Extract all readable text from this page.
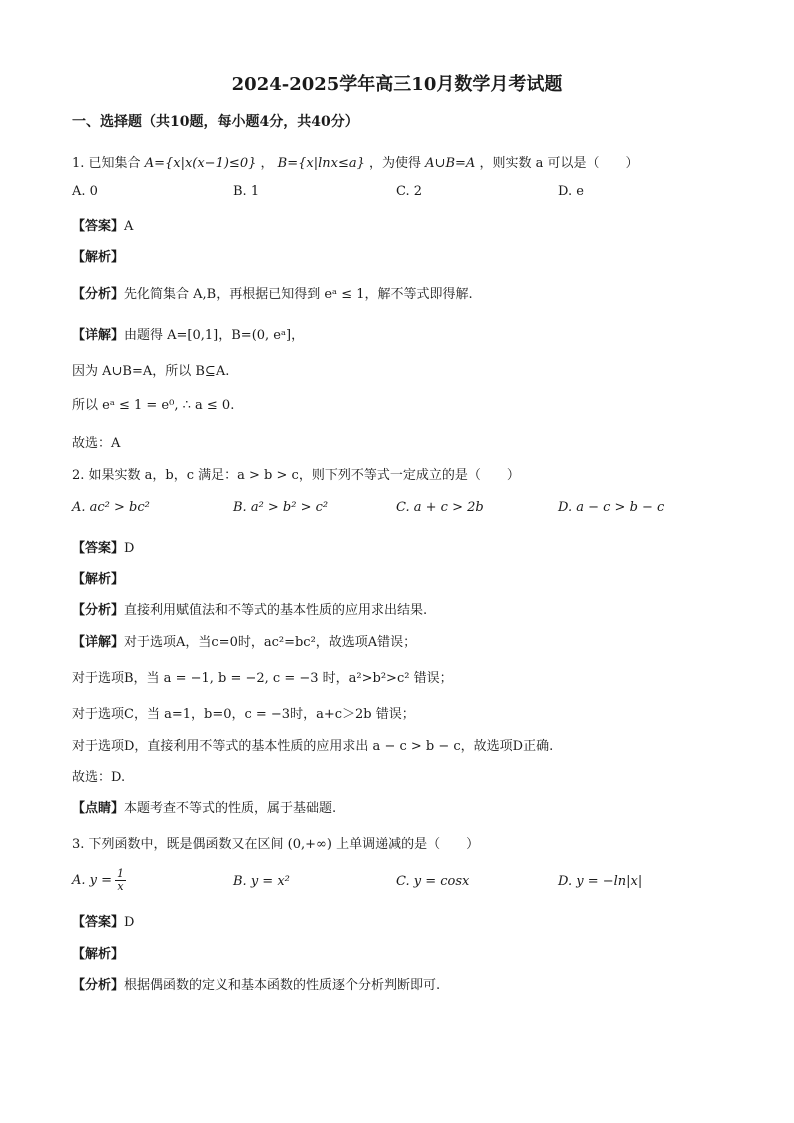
2024-2025学年高三10月数学月考试题
一、选择题（共10题，每小题4分，共40分）
1. 已知集合 A={x|x(x−1)≤0} ， B={x|lnx≤a} ，为使得 A∪B=A ，则实数 a 可以是（　　）
A. 0	B. 1	C. 2	D. e
【答案】A
【解析】
【分析】先化简集合 A,B，再根据已知得到 eᵃ ≤ 1，解不等式即得解.
【详解】由题得 A=[0,1]，B=(0, eᵃ]，
因为 A∪B=A，所以 B⊆A.
所以 eᵃ ≤ 1 = e⁰, ∴ a ≤ 0.
故选：A
2. 如果实数 a，b，c 满足：a > b > c，则下列不等式一定成立的是（　　）
A. ac² > bc²	B. a² > b² > c²	C. a + c > 2b	D. a − c > b − c
【答案】D
【解析】
【分析】直接利用赋值法和不等式的基本性质的应用求出结果.
【详解】对于选项A，当c=0时，ac²=bc²，故选项A错误；
对于选项B，当 a = −1, b = −2, c = −3 时，a²>b²>c² 错误；
对于选项C，当 a=1，b=0，c = −3时，a+c＞2b 错误；
对于选项D，直接利用不等式的基本性质的应用求出 a − c > b − c，故选项D正确.
故选：D.
【点睛】本题考查不等式的性质，属于基础题.
3. 下列函数中，既是偶函数又在区间 (0,+∞) 上单调递减的是（　　）
A. $y = \frac{1}{x}$	B. y = x²	C. y = cosx	D. y = −ln|x|
【答案】D
【解析】
【分析】根据偶函数的定义和基本函数的性质逐个分析判断即可.
